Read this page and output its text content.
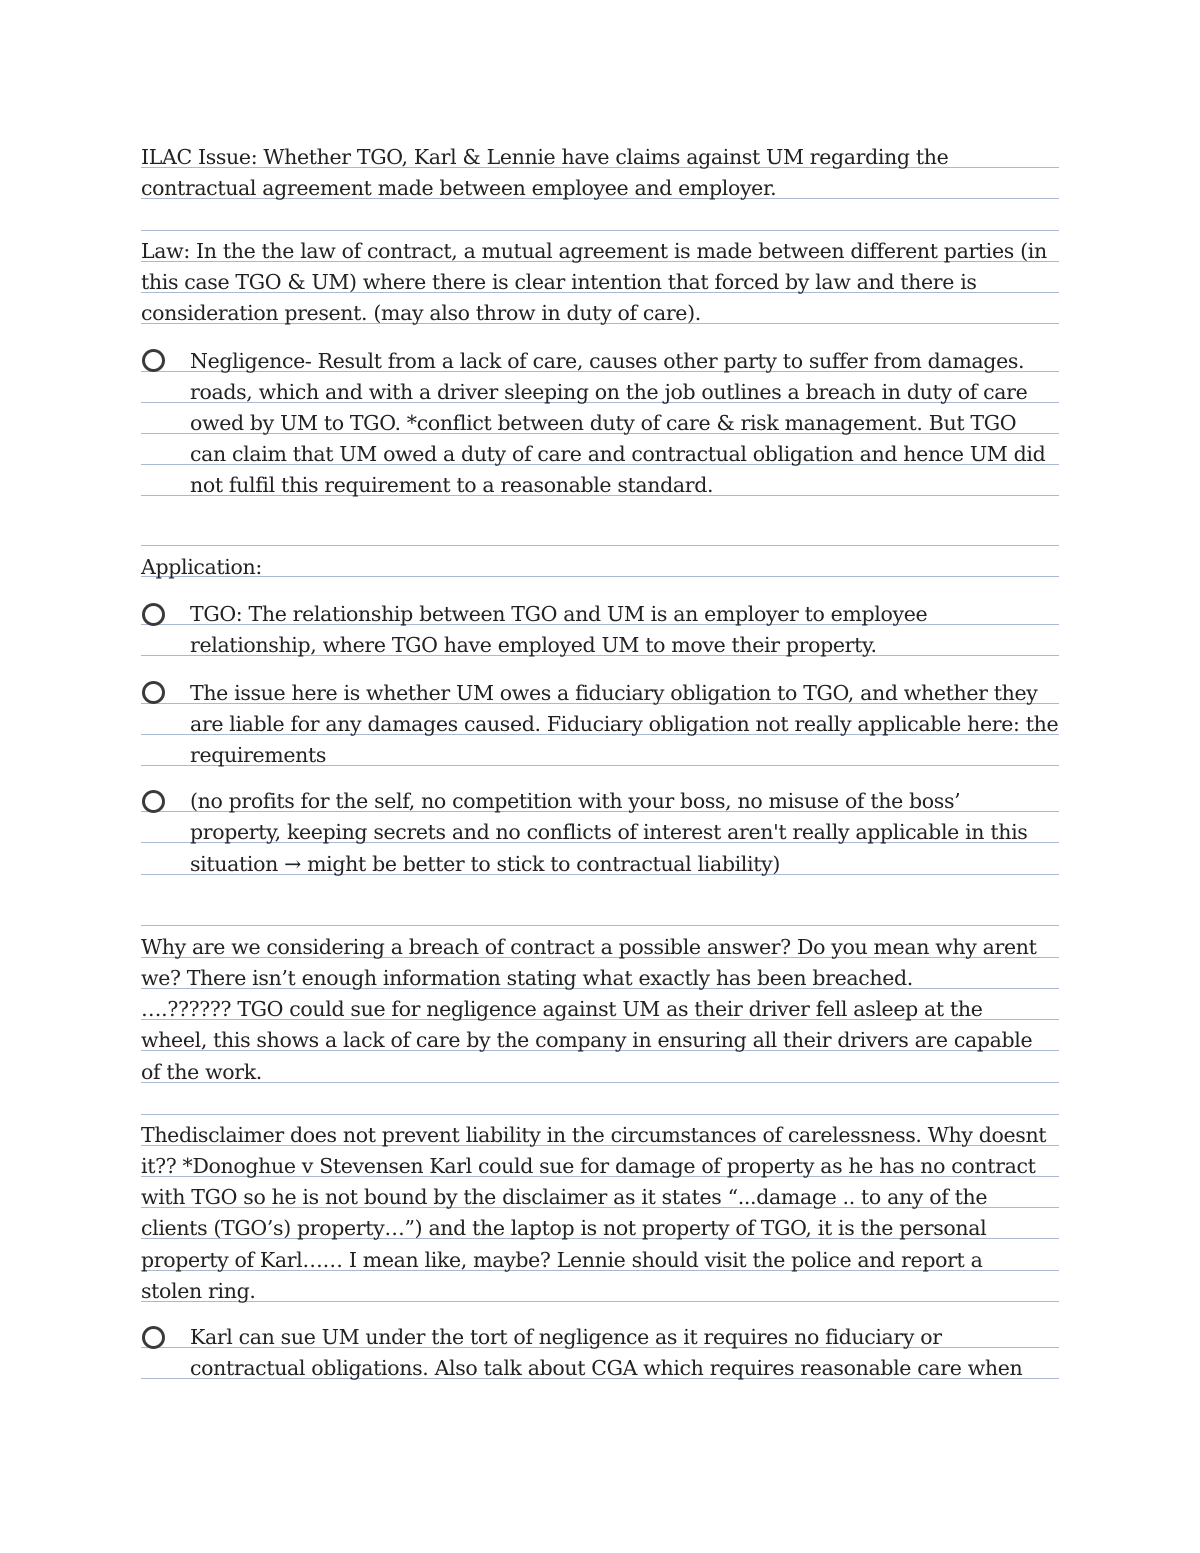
ILAC Issue: Whether TGO, Karl & Lennie have claims against UM regarding the
contractual agreement made between employee and employer.
Law: In the the law of contract, a mutual agreement is made between different parties (in
this case TGO & UM) where there is clear intention that forced by law and there is
consideration present. (may also throw in duty of care).
Negligence- Result from a lack of care, causes other party to suffer from damages.
roads, which and with a driver sleeping on the job outlines a breach in duty of care
owed by UM to TGO. *conflict between duty of care & risk management. But TGO
can claim that UM owed a duty of care and contractual obligation and hence UM did
not fulfil this requirement to a reasonable standard.
Application:
TGO: The relationship between TGO and UM is an employer to employee
relationship, where TGO have employed UM to move their property.
The issue here is whether UM owes a fiduciary obligation to TGO, and whether they
are liable for any damages caused. Fiduciary obligation not really applicable here: the
requirements
(no profits for the self, no competition with your boss, no misuse of the boss’
property, keeping secrets and no conflicts of interest aren't really applicable in this
situation → might be better to stick to contractual liability)
Why are we considering a breach of contract a possible answer? Do you mean why arent
we? There isn’t enough information stating what exactly has been breached.
….?????? TGO could sue for negligence against UM as their driver fell asleep at the
wheel, this shows a lack of care by the company in ensuring all their drivers are capable
of the work.
Thedisclaimer does not prevent liability in the circumstances of carelessness. Why doesnt
it?? *Donoghue v Stevensen Karl could sue for damage of property as he has no contract
with TGO so he is not bound by the disclaimer as it states “...damage .. to any of the
clients (TGO’s) property…”) and the laptop is not property of TGO, it is the personal
property of Karl…… I mean like, maybe? Lennie should visit the police and report a
stolen ring.
Karl can sue UM under the tort of negligence as it requires no fiduciary or
contractual obligations. Also talk about CGA which requires reasonable care when
